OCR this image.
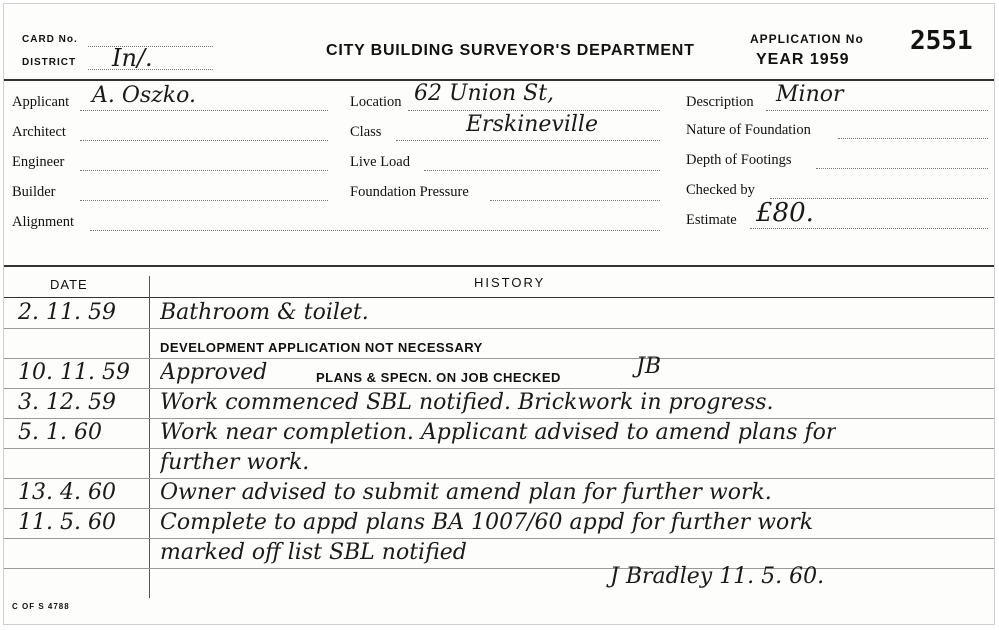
CARD No.
DISTRICT In/.	CITY BUILDING SURVEYOR'S DEPARTMENT
APPLICATION No
YEAR 1959
2551
Applicant A. Oszko.
Architect
Engineer
Builder
Alignment
Location 62 Union St,
Class	Erskineville
Live Load
Foundation Pressure
Description Minor
Nature of Foundation
Depth of Footings
Checked by
Estimate £80.
DATE	HISTORY
2. 11. 59 Bathroom & toilet.
DEVELOPMENT APPLICATION NOT NECESSARY
10. 11. 59 Approved	PLANS & SPECN. ON JOB CHECKED	JB
3. 12. 59 Work commenced SBL notified. Brickwork in progress.
5. 1. 60	Work near completion. Applicant advised to amend plans for
further work.
13. 4. 60 Owner advised to submit amend plan for further work.
11. 5. 60 Complete to appd plans BA 1007/60 appd for further work
marked off list SBL notified
J Bradley 11. 5. 60.
C OF S 4788
